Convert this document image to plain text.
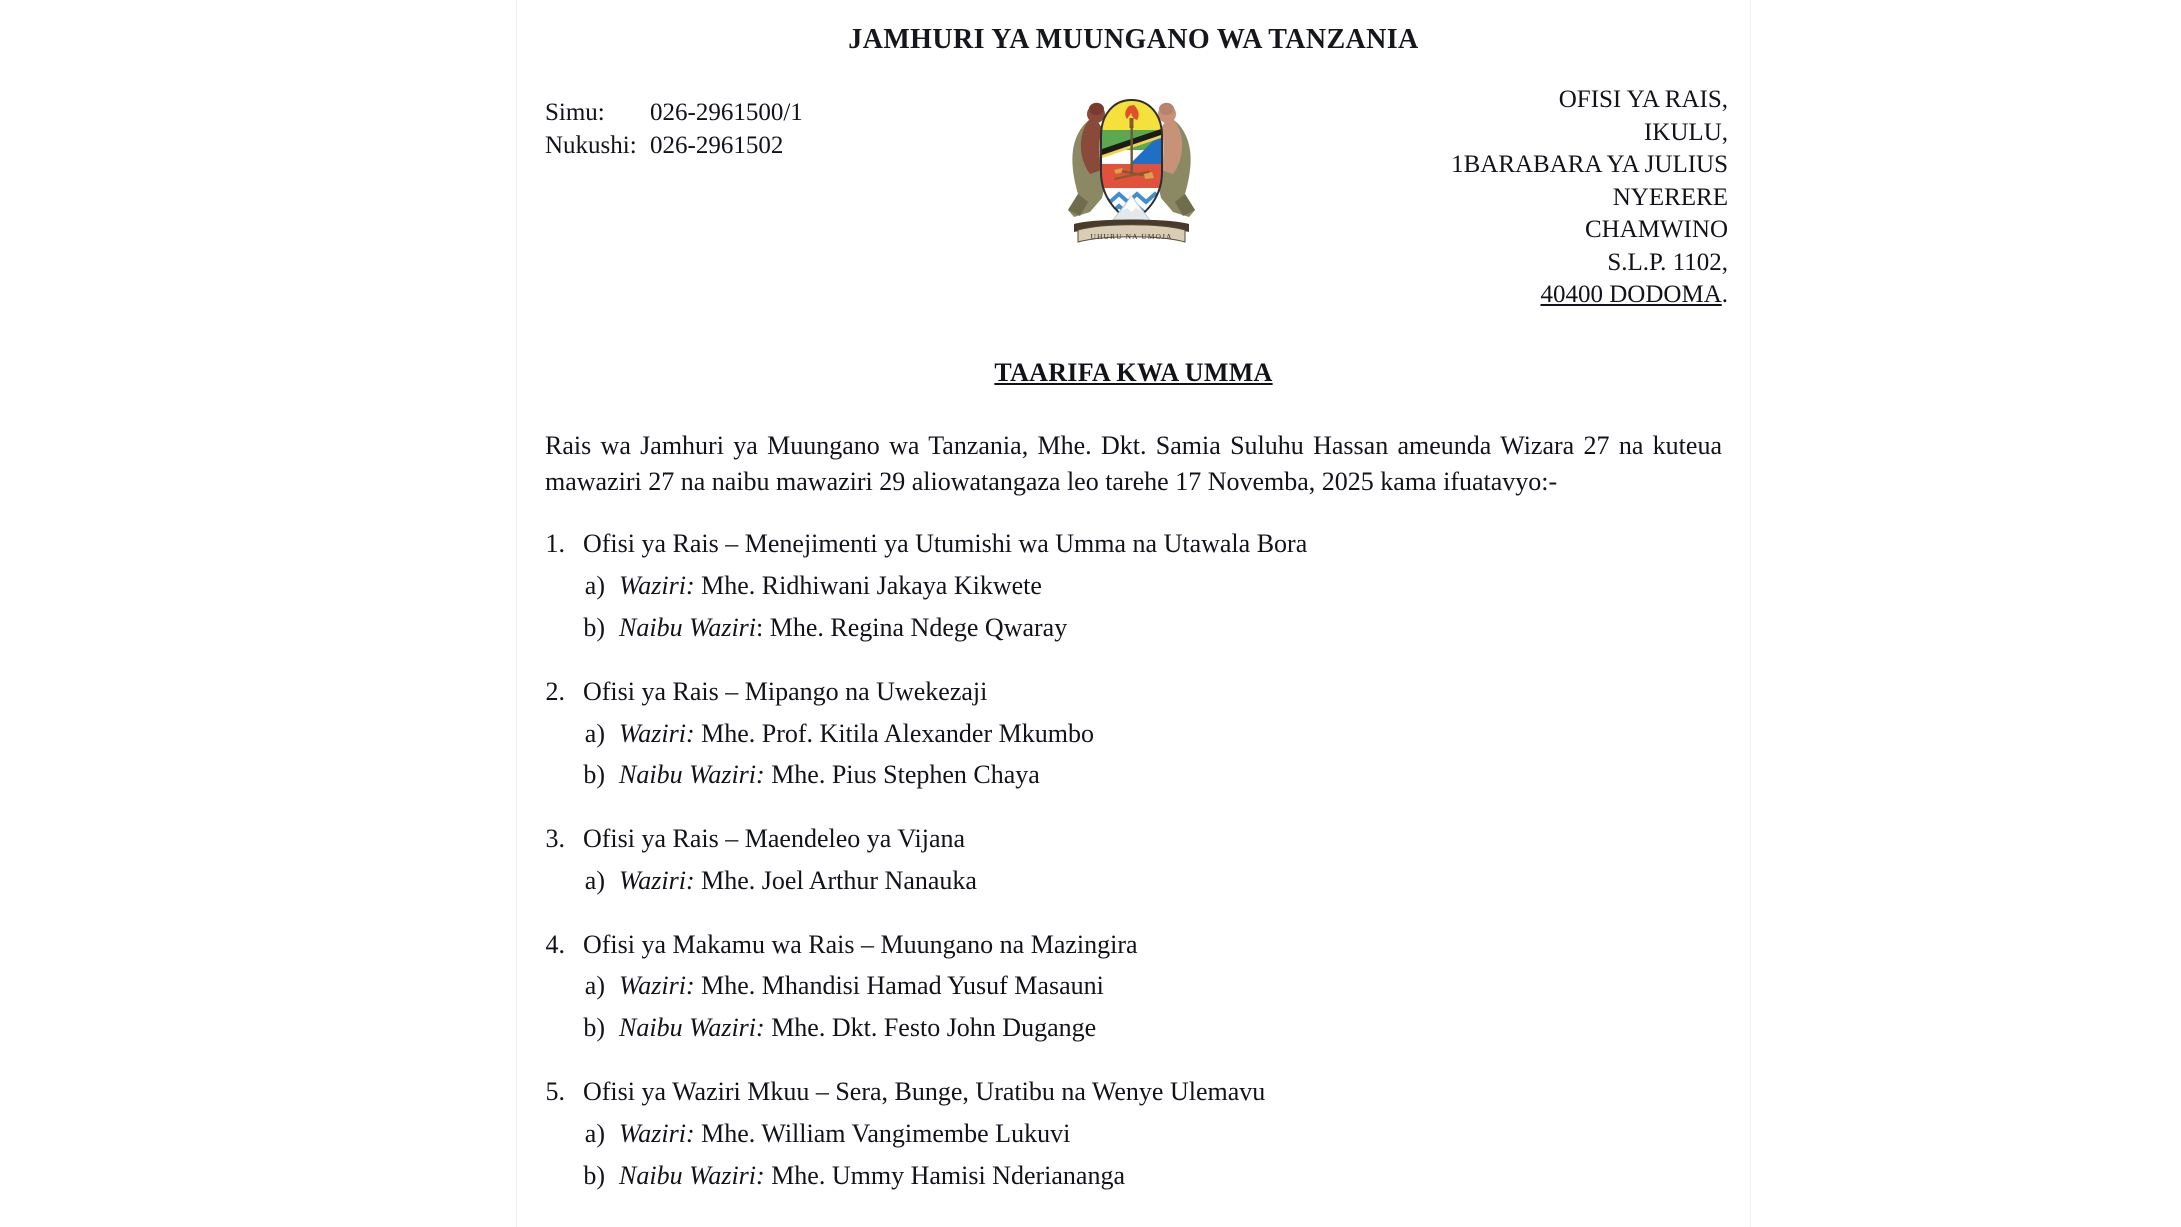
JAMHURI YA MUUNGANO WA TANZANIA
Simu: 026-2961500/1
Nukushi: 026-2961502
UHURU NA UMOJA
OFISI YA RAIS,
IKULU,
1BARABARA YA JULIUS
NYERERE
CHAMWINO
S.L.P. 1102,
40400 DODOMA.
TAARIFA KWA UMMA

Rais wa Jamhuri ya Muungano wa Tanzania, Mhe. Dkt. Samia Suluhu Hassan ameunda Wizara 27 na kuteua mawaziri 27 na naibu mawaziri 29 aliowatangaza leo tarehe 17 Novemba, 2025 kama ifuatavyo:-

1. Ofisi ya Rais – Menejimenti ya Utumishi wa Umma na Utawala Bora
a) Waziri: Mhe. Ridhiwani Jakaya Kikwete
b) Naibu Waziri: Mhe. Regina Ndege Qwaray
2. Ofisi ya Rais – Mipango na Uwekezaji
a) Waziri: Mhe. Prof. Kitila Alexander Mkumbo
b) Naibu Waziri: Mhe. Pius Stephen Chaya
3. Ofisi ya Rais – Maendeleo ya Vijana
a) Waziri: Mhe. Joel Arthur Nanauka
4. Ofisi ya Makamu wa Rais – Muungano na Mazingira
a) Waziri: Mhe. Mhandisi Hamad Yusuf Masauni
b) Naibu Waziri: Mhe. Dkt. Festo John Dugange
5. Ofisi ya Waziri Mkuu – Sera, Bunge, Uratibu na Wenye Ulemavu
a) Waziri: Mhe. William Vangimembe Lukuvi
b) Naibu Waziri: Mhe. Ummy Hamisi Nderiananga
